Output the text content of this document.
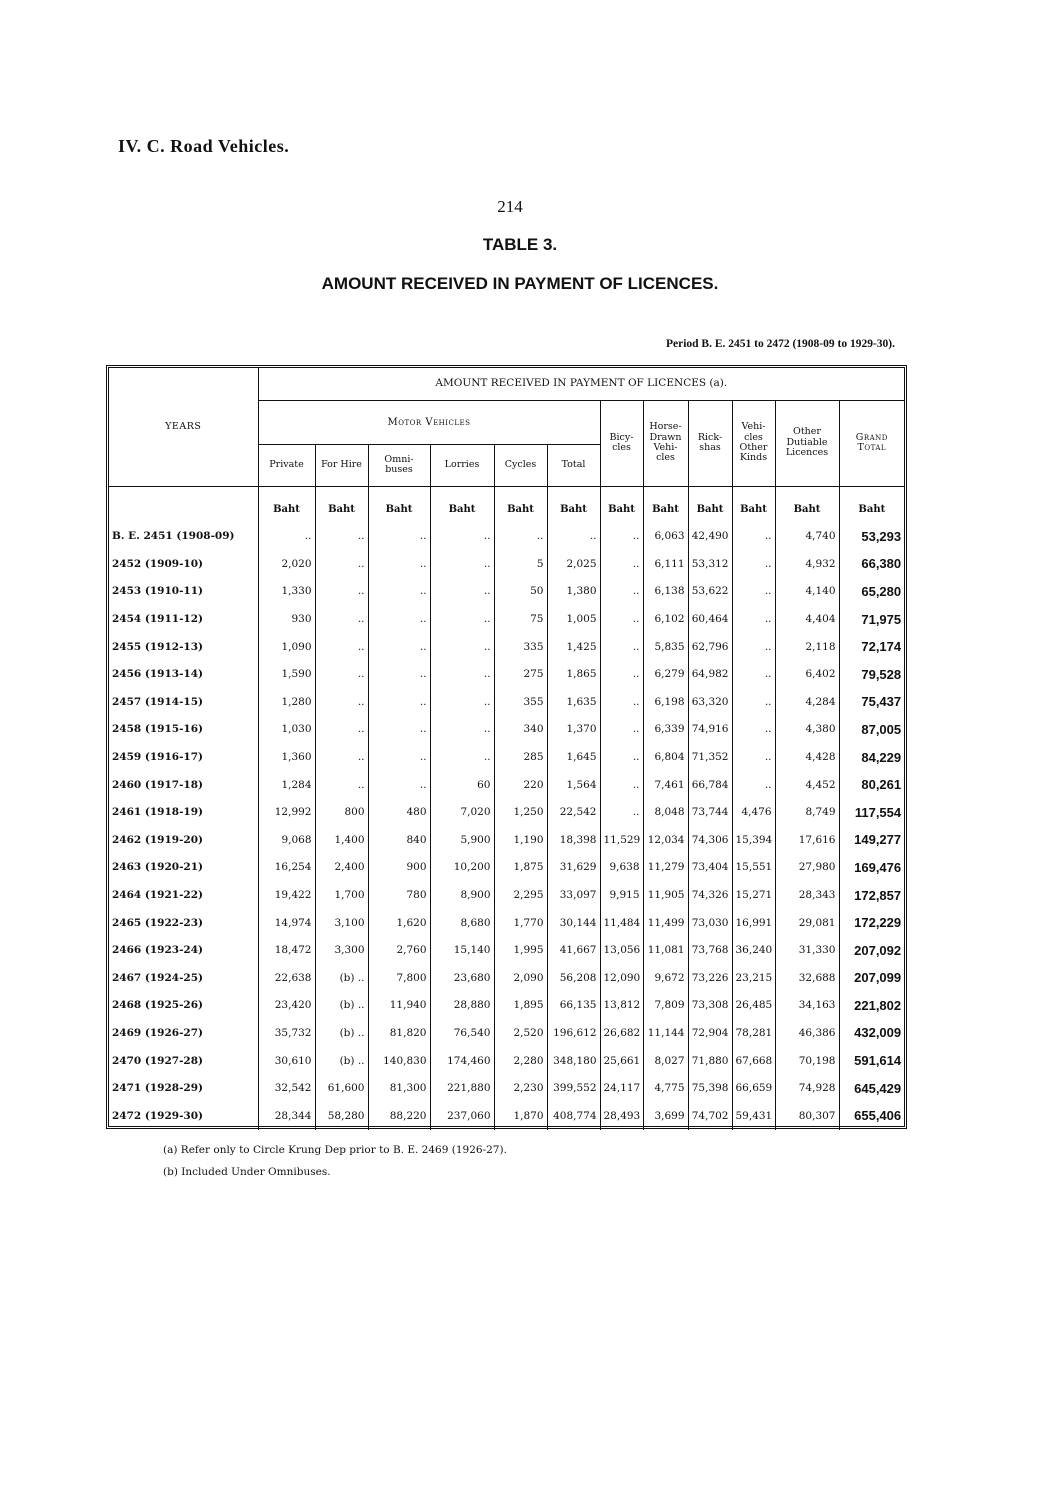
IV. C. Road Vehicles.
214
TABLE 3.
AMOUNT RECEIVED IN PAYMENT OF LICENCES.
Period B. E. 2451 to 2472 (1908-09 to 1929-30).
YEARS	AMOUNT RECEIVED IN PAYMENT OF LICENCES (a).											
	Motor Vehicles						Bicy- cles	Horse- Drawn Vehi- cles	Rick- shas	Vehi- cles Other Kinds	Other Dutiable Licences	Grand Total
	Private	For Hire	Omni- buses	Lorries	Cycles	Total						
	Baht	Baht	Baht	Baht	Baht	Baht	Baht	Baht	Baht	Baht	Baht	Baht
B. E. 2451 (1908-09)	..	..	..	..	..	..	..	6,063	42,490	..	4,740	53,293
2452 (1909-10)	2,020	..	..	..	5	2,025	..	6,111	53,312	..	4,932	66,380
2453 (1910-11)	1,330	..	..	..	50	1,380	..	6,138	53,622	..	4,140	65,280
2454 (1911-12)	930	..	..	..	75	1,005	..	6,102	60,464	..	4,404	71,975
2455 (1912-13)	1,090	..	..	..	335	1,425	..	5,835	62,796	..	2,118	72,174
2456 (1913-14)	1,590	..	..	..	275	1,865	..	6,279	64,982	..	6,402	79,528
2457 (1914-15)	1,280	..	..	..	355	1,635	..	6,198	63,320	..	4,284	75,437
2458 (1915-16)	1,030	..	..	..	340	1,370	..	6,339	74,916	..	4,380	87,005
2459 (1916-17)	1,360	..	..	..	285	1,645	..	6,804	71,352	..	4,428	84,229
2460 (1917-18)	1,284	..	..	60	220	1,564	..	7,461	66,784	..	4,452	80,261
2461 (1918-19)	12,992	800	480	7,020	1,250	22,542	..	8,048	73,744	4,476	8,749	117,554
2462 (1919-20)	9,068	1,400	840	5,900	1,190	18,398	11,529	12,034	74,306	15,394	17,616	149,277
2463 (1920-21)	16,254	2,400	900	10,200	1,875	31,629	9,638	11,279	73,404	15,551	27,980	169,476
2464 (1921-22)	19,422	1,700	780	8,900	2,295	33,097	9,915	11,905	74,326	15,271	28,343	172,857
2465 (1922-23)	14,974	3,100	1,620	8,680	1,770	30,144	11,484	11,499	73,030	16,991	29,081	172,229
2466 (1923-24)	18,472	3,300	2,760	15,140	1,995	41,667	13,056	11,081	73,768	36,240	31,330	207,092
2467 (1924-25)	22,638	(b) ..	7,800	23,680	2,090	56,208	12,090	9,672	73,226	23,215	32,688	207,099
2468 (1925-26)	23,420	(b) ..	11,940	28,880	1,895	66,135	13,812	7,809	73,308	26,485	34,163	221,802
2469 (1926-27)	35,732	(b) ..	81,820	76,540	2,520	196,612	26,682	11,144	72,904	78,281	46,386	432,009
2470 (1927-28)	30,610	(b) ..	140,830	174,460	2,280	348,180	25,661	8,027	71,880	67,668	70,198	591,614
2471 (1928-29)	32,542	61,600	81,300	221,880	2,230	399,552	24,117	4,775	75,398	66,659	74,928	645,429
2472 (1929-30)	28,344	58,280	88,220	237,060	1,870	408,774	28,493	3,699	74,702	59,431	80,307	655,406
(a) Refer only to Circle Krung Dep prior to B. E. 2469 (1926-27).
(b) Included Under Omnibuses.
